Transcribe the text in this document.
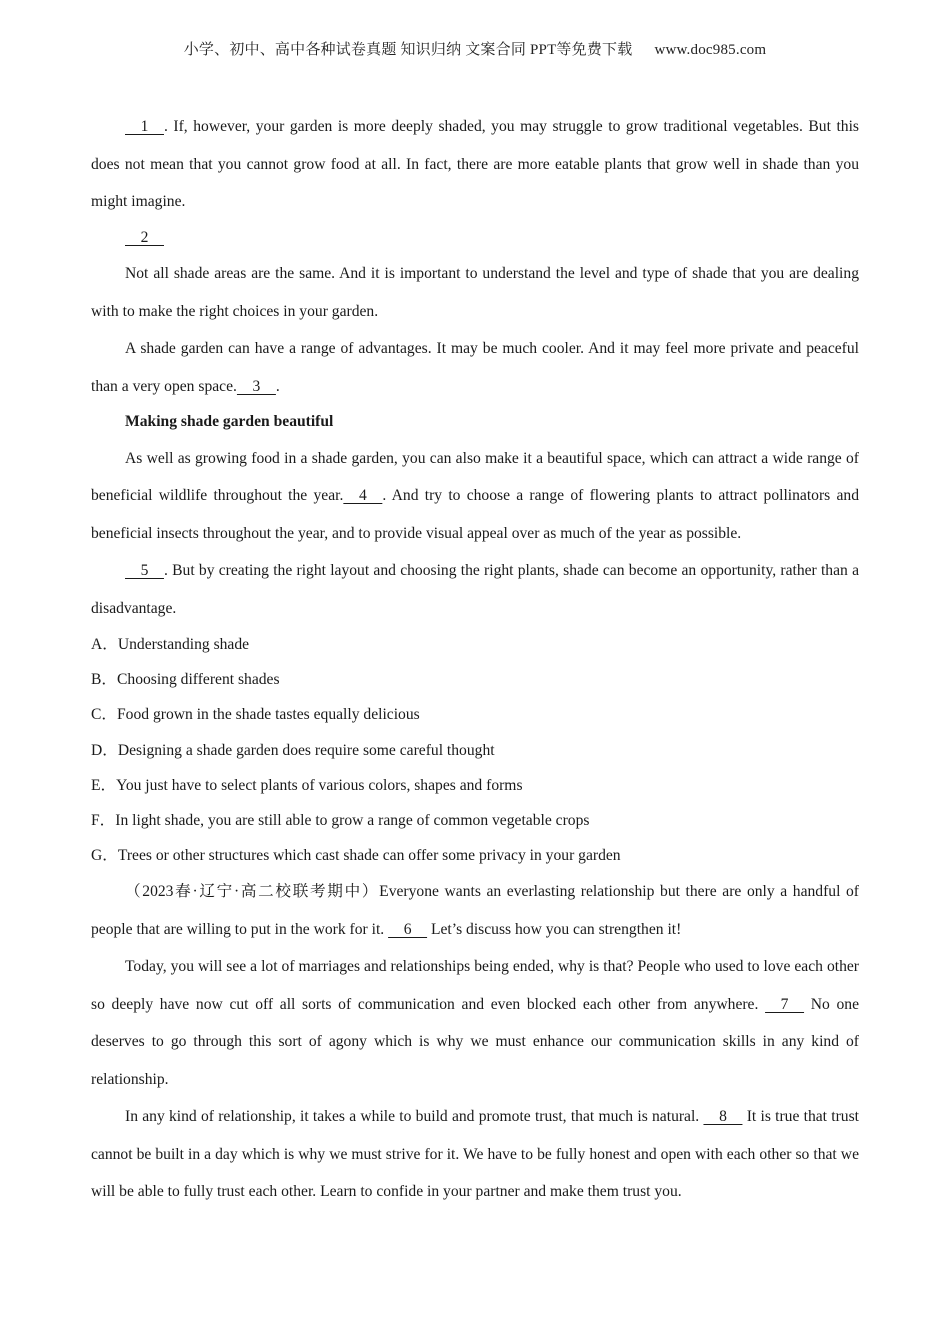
小学、初中、高中各种试卷真题 知识归纳 文案合同 PPT等免费下载 www.doc985.com

1    . If, however, your garden is more deeply shaded, you may struggle to grow traditional vegetables. But this does not mean that you cannot grow food at all. In fact, there are more eatable plants that grow well in shade than you might imagine.

2

Not all shade areas are the same. And it is important to understand the level and type of shade that you are dealing with to make the right choices in your garden.

A shade garden can have a range of advantages. It may be much cooler. And it may feel more private and peaceful than a very open space.    3    .

Making shade garden beautiful

As well as growing food in a shade garden, you can also make it a beautiful space, which can attract a wide range of beneficial wildlife throughout the year.    4    . And try to choose a range of flowering plants to attract pollinators and beneficial insects throughout the year, and to provide visual appeal over as much of the year as possible.

5    . But by creating the right layout and choosing the right plants, shade can become an opportunity, rather than a disadvantage.

A．Understanding shade

B．Choosing different shades

C．Food grown in the shade tastes equally delicious

D．Designing a shade garden does require some careful thought

E．You just have to select plants of various colors, shapes and forms

F．In light shade, you are still able to grow a range of common vegetable crops

G．Trees or other structures which cast shade can offer some privacy in your garden

（2023春·辽宁·高二校联考期中）Everyone wants an everlasting relationship but there are only a handful of people that are willing to put in the work for it.     6     Let’s discuss how you can strengthen it!

Today, you will see a lot of marriages and relationships being ended, why is that? People who used to love each other so deeply have now cut off all sorts of communication and even blocked each other from anywhere.     7     No one deserves to go through this sort of agony which is why we must enhance our communication skills in any kind of relationship.

In any kind of relationship, it takes a while to build and promote trust, that much is natural.     8     It is true that trust cannot be built in a day which is why we must strive for it. We have to be fully honest and open with each other so that we will be able to fully trust each other. Learn to confide in your partner and make them trust you.
